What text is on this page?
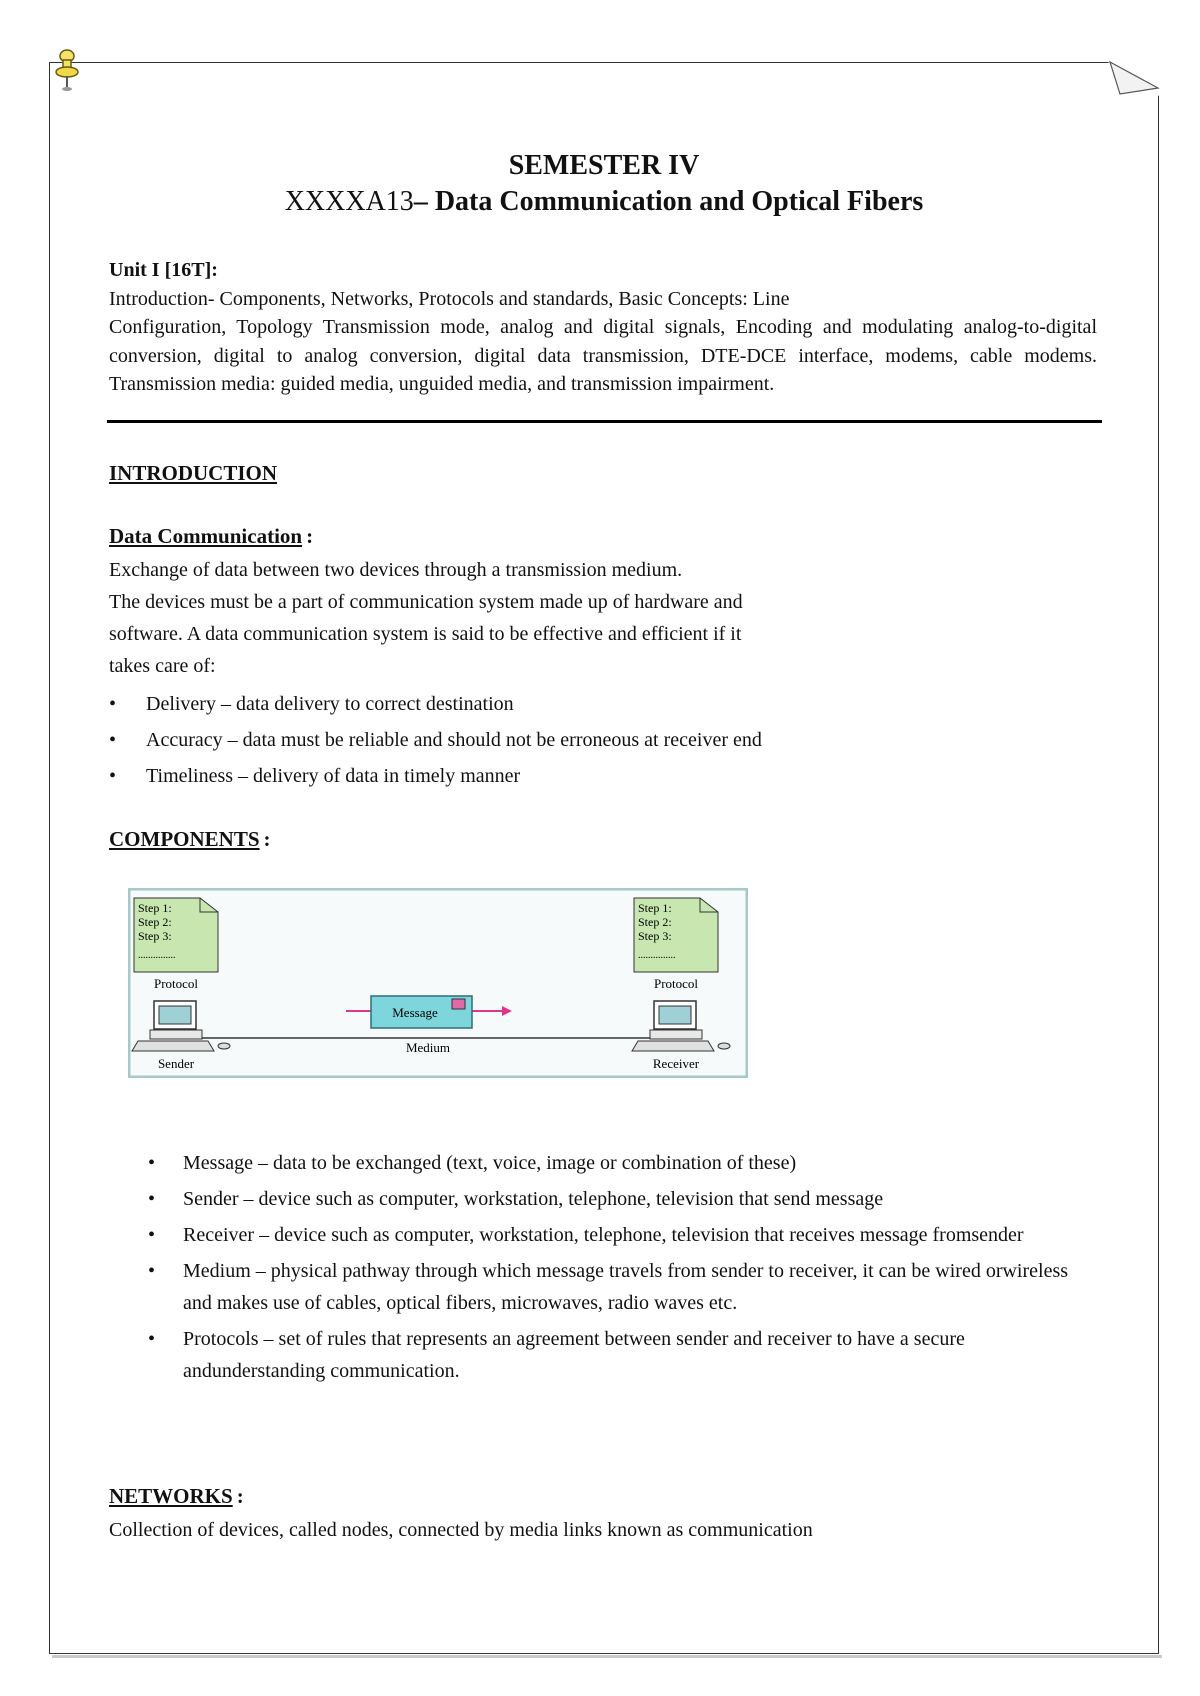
SEMESTER IV
XXXXA13– Data Communication and Optical Fibers
Unit I [16T]:
Introduction- Components, Networks, Protocols and standards, Basic Concepts: Line
Configuration, Topology Transmission mode, analog and digital signals, Encoding and modulating analog-to-digital conversion, digital to analog conversion, digital data transmission, DTE-DCE interface, modems, cable modems. Transmission media: guided media, unguided media, and transmission impairment.
INTRODUCTION
Data Communication :
Exchange of data between two devices through a transmission medium.
The devices must be a part of communication system made up of hardware and
software. A data communication system is said to be effective and efficient if it
takes care of:
• Delivery – data delivery to correct destination
• Accuracy – data must be reliable and should not be erroneous at receiver end
• Timeliness – delivery of data in timely manner
COMPONENTS :
Step 1:
Step 2:
Step 3:
...............
Protocol
Step 1:
Step 2:
Step 3:
...............
Protocol
Sender	Receiver
Message
Medium
• Message – data to be exchanged (text, voice, image or combination of these)
• Sender – device such as computer, workstation, telephone, television that send message
• Receiver – device such as computer, workstation, telephone, television that receives message fromsender
• Medium – physical pathway through which message travels from sender to receiver, it can be wired orwireless and makes use of cables, optical fibers, microwaves, radio waves etc.
• Protocols – set of rules that represents an agreement between sender and receiver to have a secure andunderstanding communication.
NETWORKS :
Collection of devices, called nodes, connected by media links known as communication
